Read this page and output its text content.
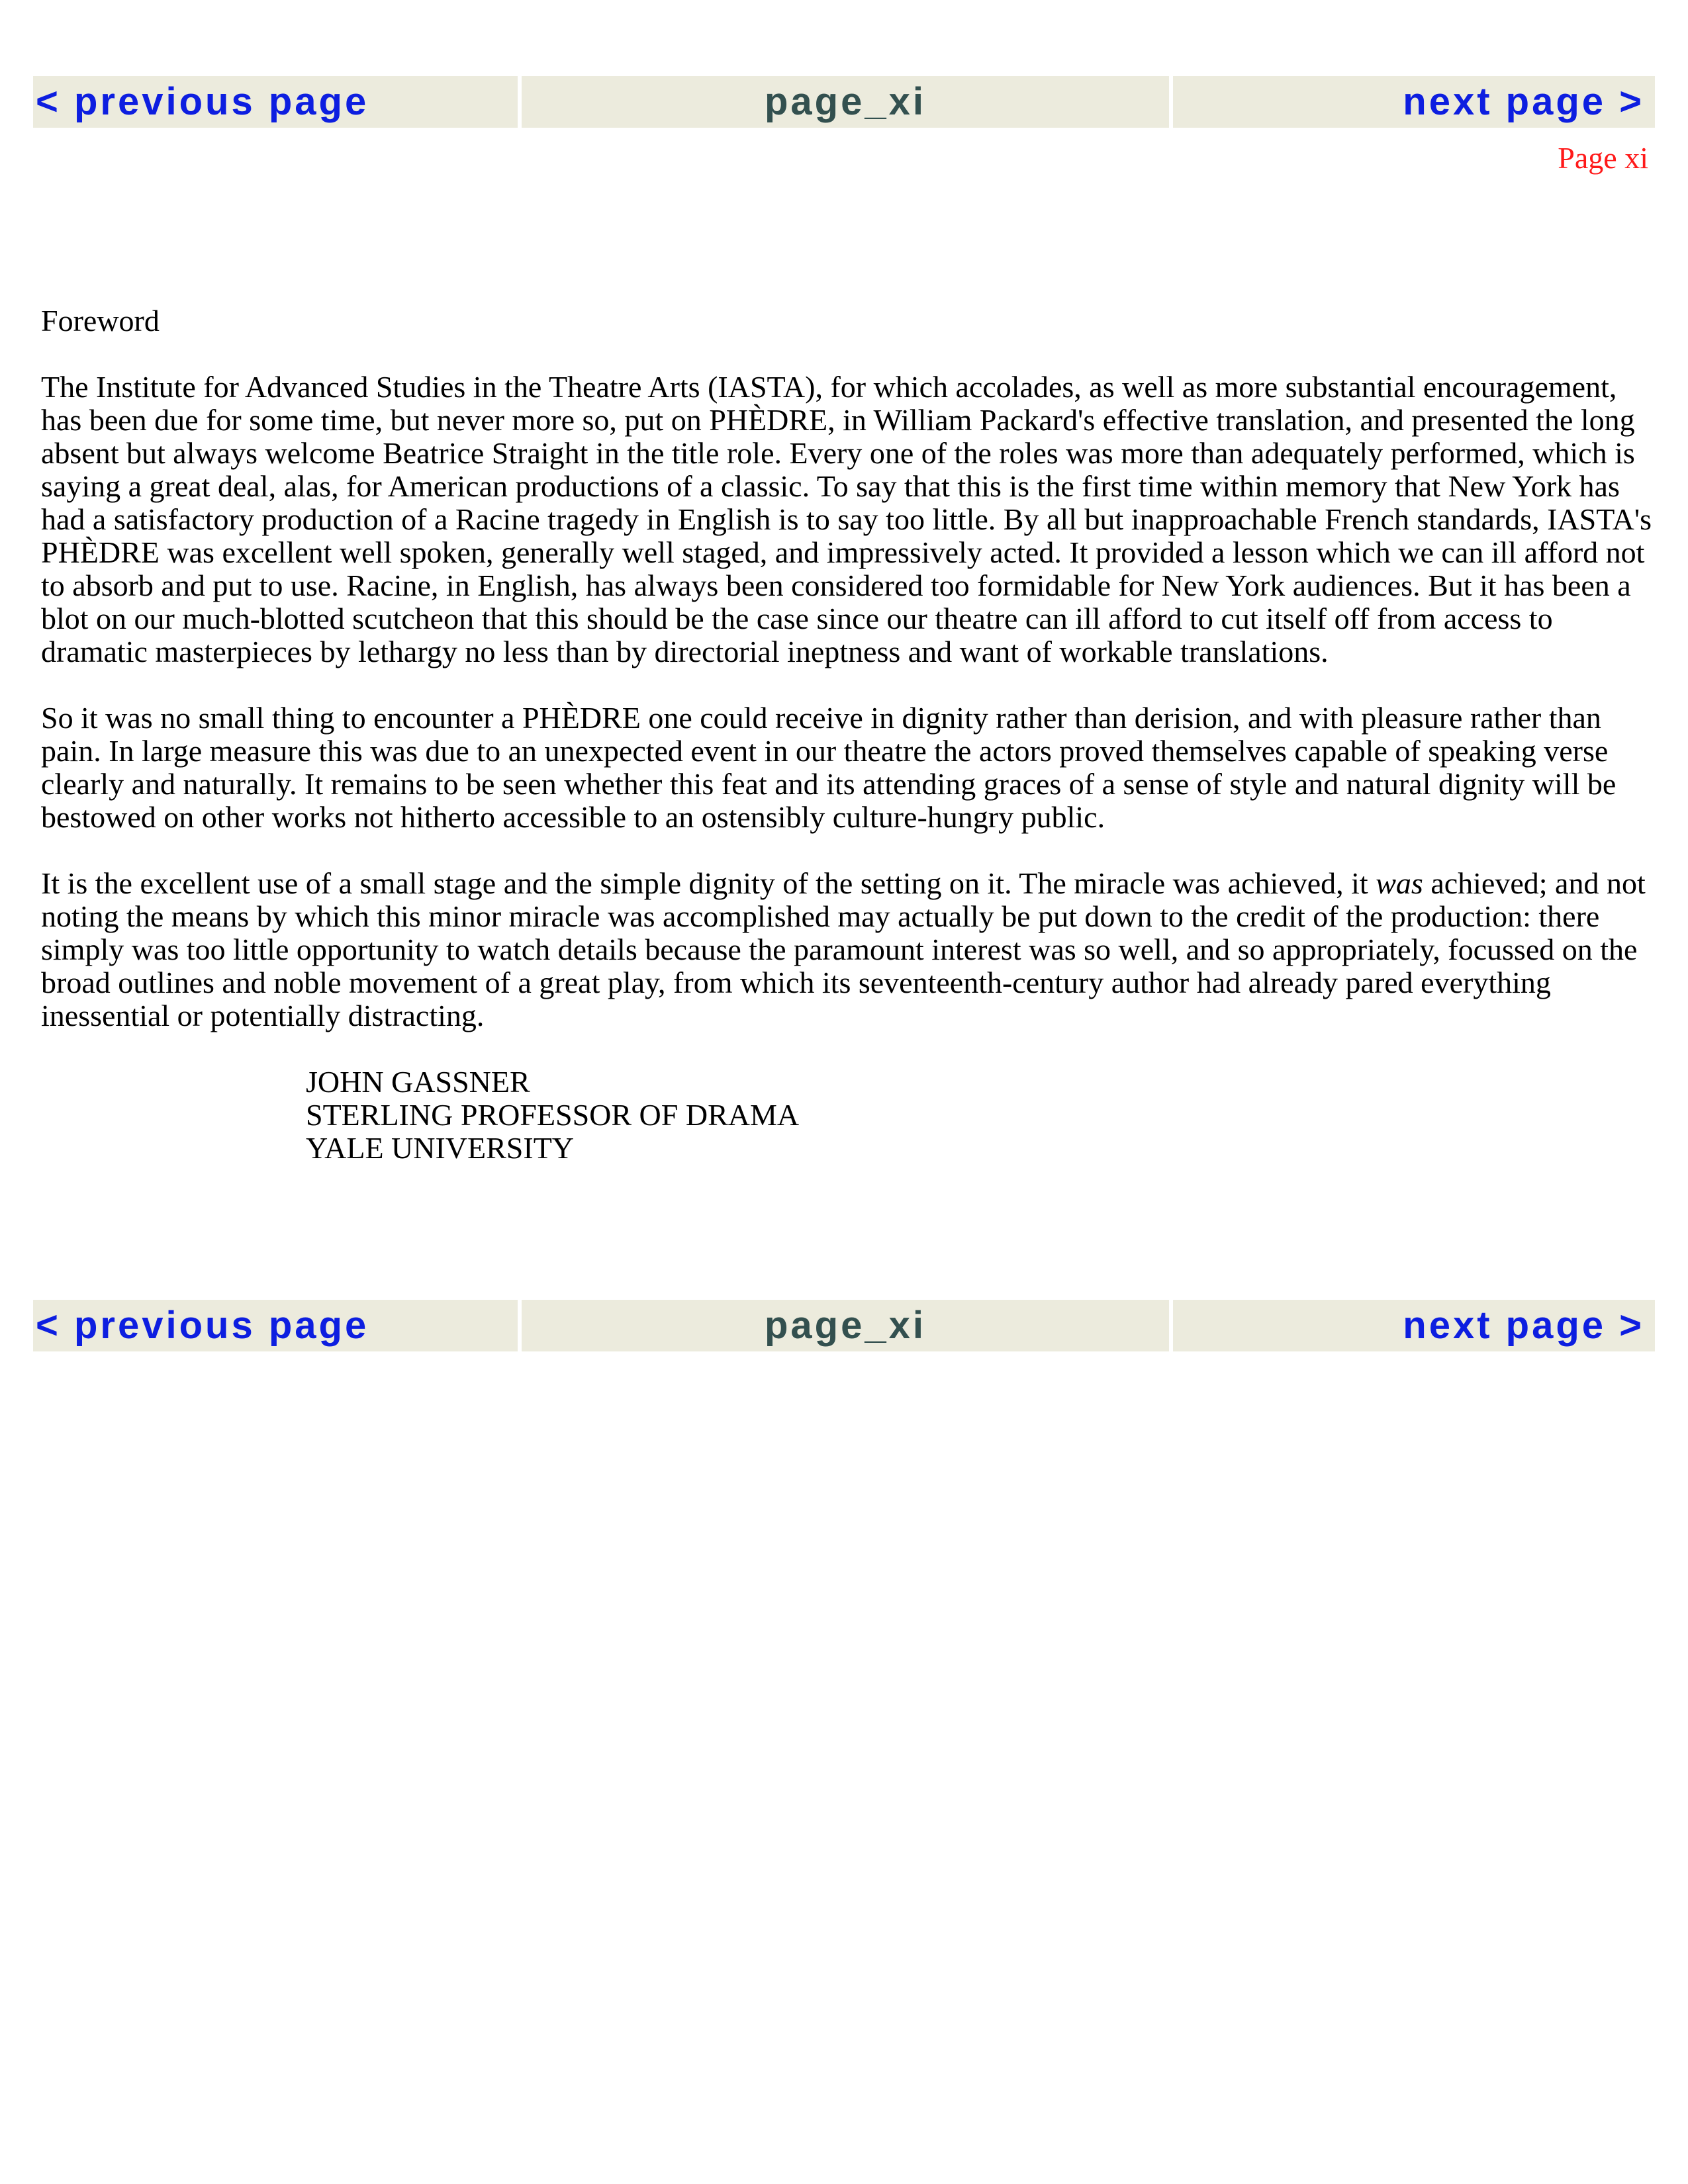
< previous page	page_xi	next page >
Page xi
Foreword

The Institute for Advanced Studies in the Theatre Arts (IASTA), for which accolades, as well as more substantial encouragement, has been due for some time, but never more so, put on PHÈDRE, in William Packard's effective translation, and presented the long absent but always welcome Beatrice Straight in the title role. Every one of the roles was more than adequately performed, which is saying a great deal, alas, for American productions of a classic. To say that this is the first time within memory that New York has had a satisfactory production of a Racine tragedy in English is to say too little. By all but inapproachable French standards, IASTA's PHÈDRE was excellent well spoken, generally well staged, and impressively acted. It provided a lesson which we can ill afford not to absorb and put to use. Racine, in English, has always been considered too formidable for New York audiences. But it has been a blot on our much-blotted scutcheon that this should be the case since our theatre can ill afford to cut itself off from access to dramatic masterpieces by lethargy no less than by directorial ineptness and want of workable translations.

So it was no small thing to encounter a PHÈDRE one could receive in dignity rather than derision, and with pleasure rather than pain. In large measure this was due to an unexpected event in our theatre the actors proved themselves capable of speaking verse clearly and naturally. It remains to be seen whether this feat and its attending graces of a sense of style and natural dignity will be bestowed on other works not hitherto accessible to an ostensibly culture-hungry public.

It is the excellent use of a small stage and the simple dignity of the setting on it. The miracle was achieved, it was achieved; and not noting the means by which this minor miracle was accomplished may actually be put down to the credit of the production: there simply was too little opportunity to watch details because the paramount interest was so well, and so appropriately, focussed on the broad outlines and noble movement of a great play, from which its seventeenth-century author had already pared everything inessential or potentially distracting.

JOHN GASSNER
STERLING PROFESSOR OF DRAMA
YALE UNIVERSITY
< previous page	page_xi	next page >
